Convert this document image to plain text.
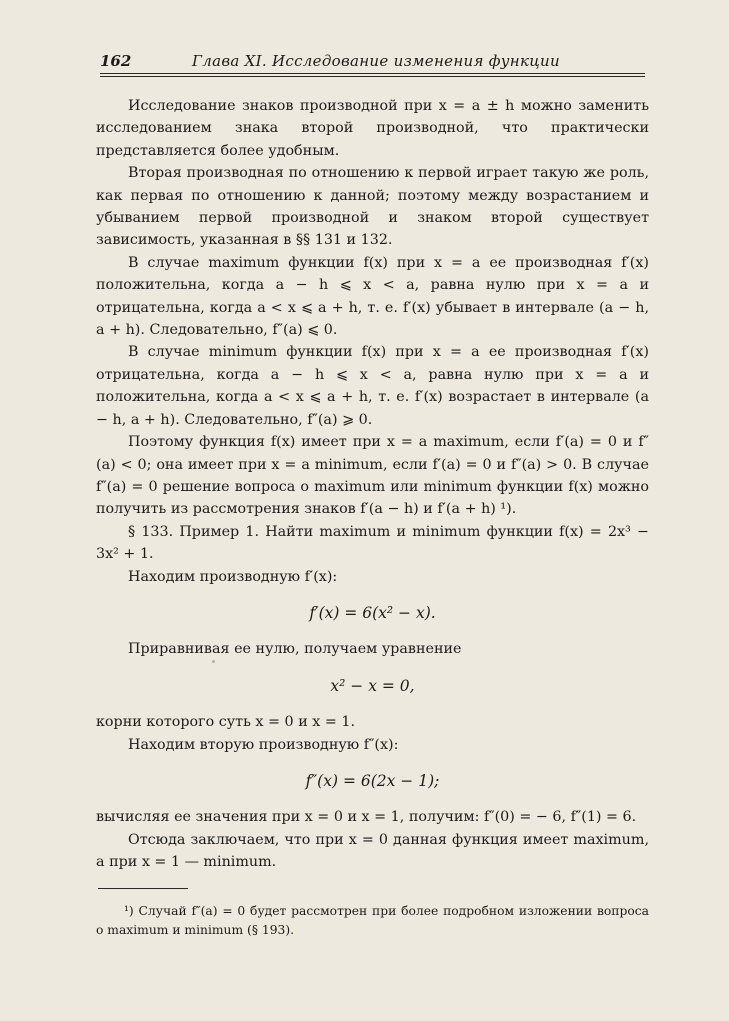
162	Глава XI. Исследование изменения функции

Исследование знаков производной при x = a ± h можно заменить исследованием знака второй производной, что практически представляется более удобным.

Вторая производная по отношению к первой играет такую же роль, как первая по отношению к данной; поэтому между возрастанием и убыванием первой производной и знаком второй существует зависимость, указанная в §§ 131 и 132.

В случае maximum функции f(x) при x = a ее производная f′(x) положительна, когда a − h ⩽ x < a, равна нулю при x = a и отрицательна, когда a < x ⩽ a + h, т. е. f′(x) убывает в интервале (a − h, a + h). Следовательно, f″(a) ⩽ 0.

В случае minimum функции f(x) при x = a ее производная f′(x) отрицательна, когда a − h ⩽ x < a, равна нулю при x = a и положительна, когда a < x ⩽ a + h, т. е. f′(x) возрастает в интервале (a − h, a + h). Следовательно, f″(a) ⩾ 0.

Поэтому функция f(x) имеет при x = a maximum, если f′(a) = 0 и f″(a) < 0; она имеет при x = a minimum, если f′(a) = 0 и f″(a) > 0. В случае f″(a) = 0 решение вопроса о maximum или minimum функции f(x) можно получить из рассмотрения знаков f′(a − h) и f′(a + h) ¹).

§ 133. Пример 1. Найти maximum и minimum функции f(x) = 2x³ − 3x² + 1.

Находим производную f′(x):

f′(x) = 6(x² − x).

Приравнивая ее нулю, получаем уравнение

x² − x = 0,

корни которого суть x = 0 и x = 1.

Находим вторую производную f″(x):

f″(x) = 6(2x − 1);

вычисляя ее значения при x = 0 и x = 1, получим: f″(0) = − 6, f″(1) = 6.

Отсюда заключаем, что при x = 0 данная функция имеет maximum, а при x = 1 — minimum.

¹) Случай f″(a) = 0 будет рассмотрен при более подробном изложении вопроса о maximum и minimum (§ 193).
